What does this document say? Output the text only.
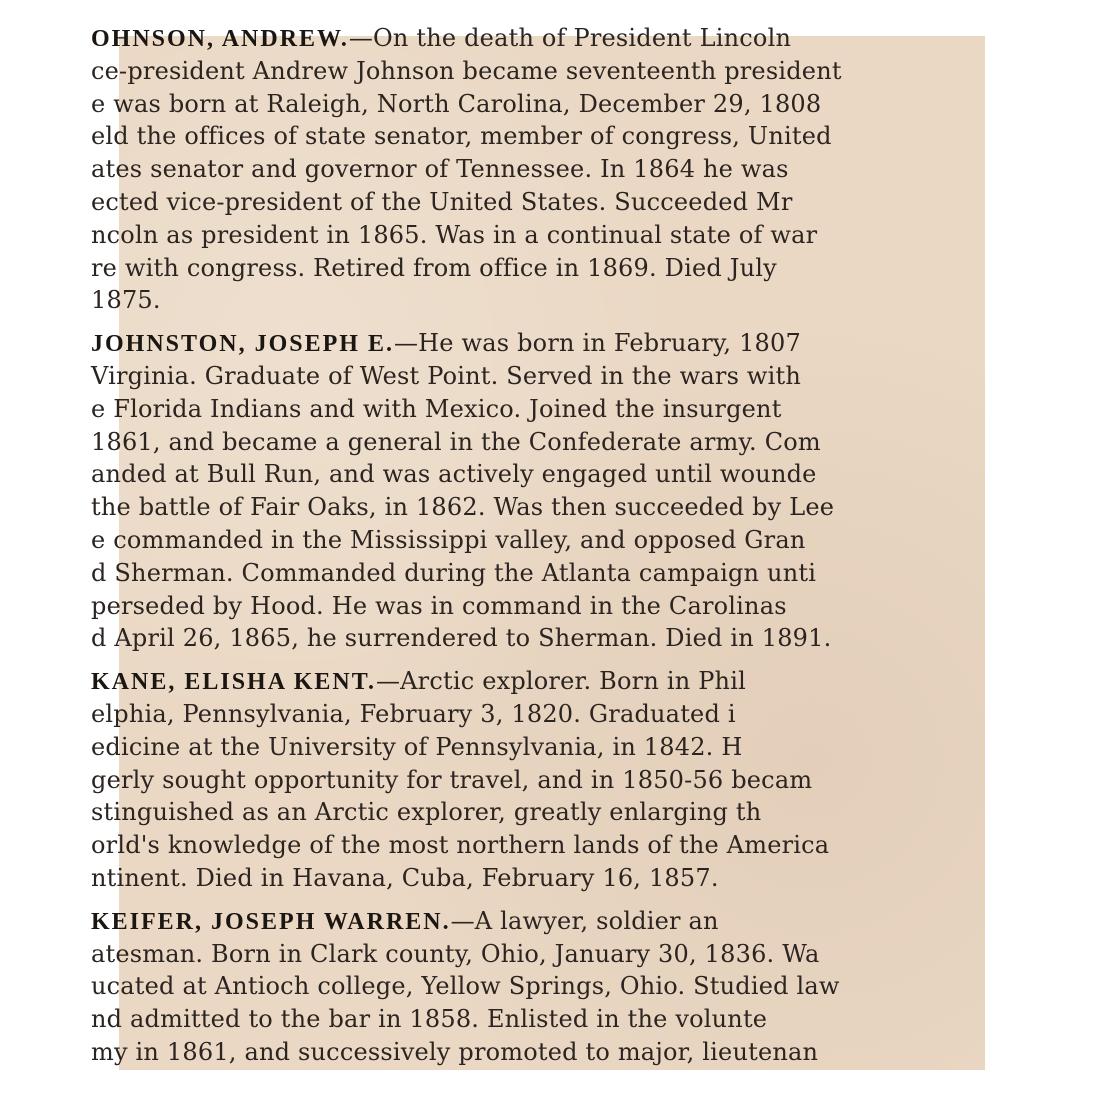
OHNSON, ANDREW.—On the death of President Lincoln
ce-president Andrew Johnson became seventeenth president
e was born at Raleigh, North Carolina, December 29, 1808
eld the offices of state senator, member of congress, United
ates senator and governor of Tennessee. In 1864 he was
ected vice-president of the United States. Succeeded Mr
ncoln as president in 1865. Was in a continual state of war
re with congress. Retired from office in 1869. Died July
1875.
JOHNSTON, JOSEPH E.—He was born in February, 1807
Virginia. Graduate of West Point. Served in the wars with
e Florida Indians and with Mexico. Joined the insurgent
1861, and became a general in the Confederate army. Com
anded at Bull Run, and was actively engaged until wounde
the battle of Fair Oaks, in 1862. Was then succeeded by Lee
e commanded in the Mississippi valley, and opposed Gran
d Sherman. Commanded during the Atlanta campaign unti
perseded by Hood. He was in command in the Carolinas
d April 26, 1865, he surrendered to Sherman. Died in 1891.
KANE, ELISHA KENT.—Arctic explorer. Born in Phil
elphia, Pennsylvania, February 3, 1820. Graduated i
edicine at the University of Pennsylvania, in 1842. H
gerly sought opportunity for travel, and in 1850-56 becam
stinguished as an Arctic explorer, greatly enlarging th
orld's knowledge of the most northern lands of the America
ntinent. Died in Havana, Cuba, February 16, 1857.
KEIFER, JOSEPH WARREN.—A lawyer, soldier an
atesman. Born in Clark county, Ohio, January 30, 1836. Wa
ucated at Antioch college, Yellow Springs, Ohio. Studied law
nd admitted to the bar in 1858. Enlisted in the volunte
my in 1861, and successively promoted to major, lieutenan
